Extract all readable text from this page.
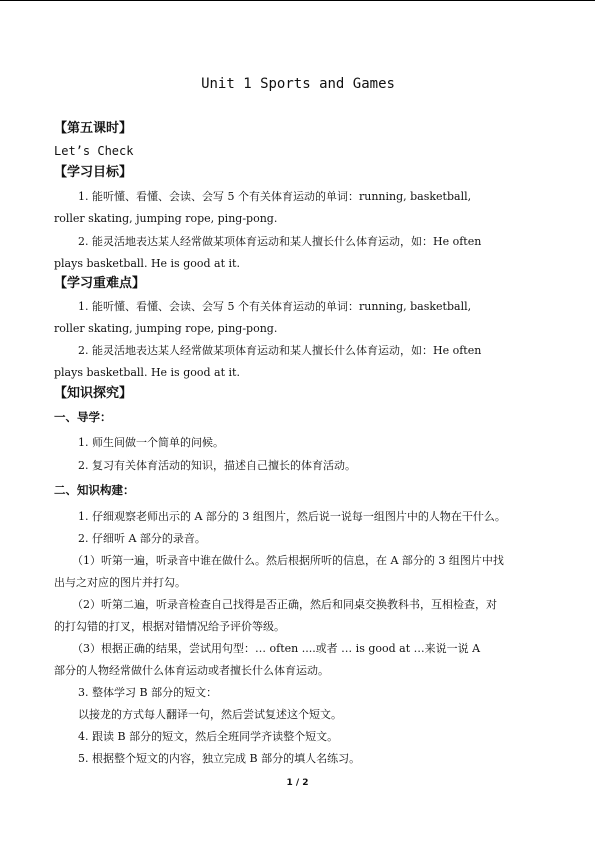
Unit 1 Sports and Games
【第五课时】
Let’s Check
【学习目标】
1. 能听懂、看懂、会读、会写 5 个有关体育运动的单词：running, basketball,
roller skating, jumping rope, ping-pong.
2. 能灵活地表达某人经常做某项体育运动和某人擅长什么体育运动，如：He often
plays basketball. He is good at it.
【学习重难点】
1. 能听懂、看懂、会读、会写 5 个有关体育运动的单词：running, basketball,
roller skating, jumping rope, ping-pong.
2. 能灵活地表达某人经常做某项体育运动和某人擅长什么体育运动，如：He often
plays basketball. He is good at it.
【知识探究】
一、导学：
1. 师生间做一个简单的问候。
2. 复习有关体育活动的知识，描述自己擅长的体育活动。
二、知识构建：
1. 仔细观察老师出示的 A 部分的 3 组图片，然后说一说每一组图片中的人物在干什么。
2. 仔细听 A 部分的录音。
（1）听第一遍，听录音中谁在做什么。然后根据所听的信息，在 A 部分的 3 组图片中找
出与之对应的图片并打勾。
（2）听第二遍，听录音检查自己找得是否正确，然后和同桌交换教科书，互相检查，对
的打勾错的打叉，根据对错情况给予评价等级。
（3）根据正确的结果，尝试用句型：… often ....或者 … is good at …来说一说 A
部分的人物经常做什么体育运动或者擅长什么体育运动。
3. 整体学习 B 部分的短文：
以接龙的方式每人翻译一句，然后尝试复述这个短文。
4. 跟读 B 部分的短文，然后全班同学齐读整个短文。
5. 根据整个短文的内容，独立完成 B 部分的填人名练习。
1 / 2
